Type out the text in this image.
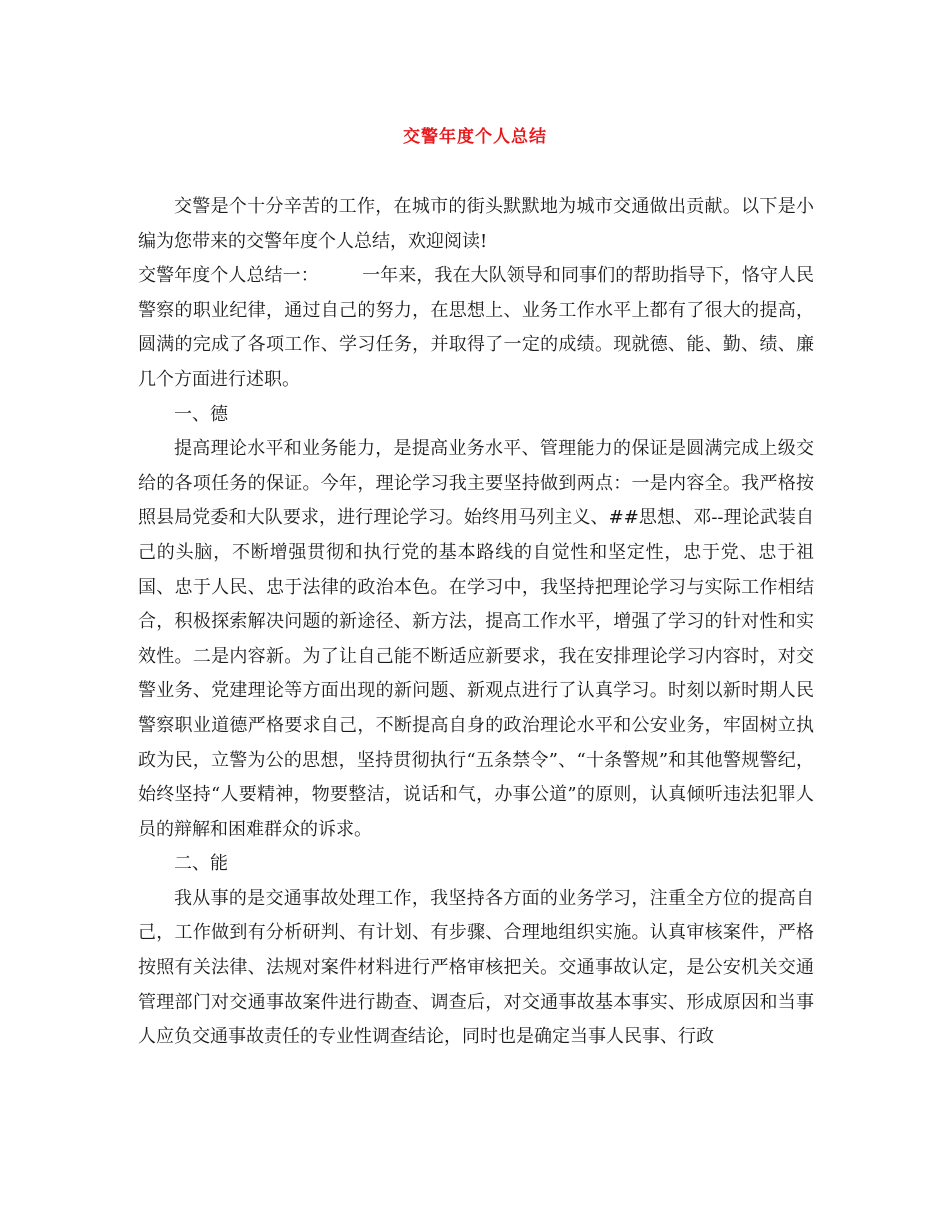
交警年度个人总结

交警是个十分辛苦的工作，在城市的街头默默地为城市交通做出贡献。以下是小编为您带来的交警年度个人总结，欢迎阅读!

交警年度个人总结一： 一年来，我在大队领导和同事们的帮助指导下，恪守人民警察的职业纪律，通过自己的努力，在思想上、业务工作水平上都有了很大的提高，圆满的完成了各项工作、学习任务，并取得了一定的成绩。现就德、能、勤、绩、廉几个方面进行述职。

一、德

提高理论水平和业务能力，是提高业务水平、管理能力的保证是圆满完成上级交给的各项任务的保证。今年，理论学习我主要坚持做到两点：一是内容全。我严格按照县局党委和大队要求，进行理论学习。始终用马列主义、##思想、邓--理论武装自己的头脑，不断增强贯彻和执行党的基本路线的自觉性和坚定性，忠于党、忠于祖国、忠于人民、忠于法律的政治本色。在学习中，我坚持把理论学习与实际工作相结合，积极探索解决问题的新途径、新方法，提高工作水平，增强了学习的针对性和实效性。二是内容新。为了让自己能不断适应新要求，我在安排理论学习内容时，对交警业务、党建理论等方面出现的新问题、新观点进行了认真学习。时刻以新时期人民警察职业道德严格要求自己，不断提高自身的政治理论水平和公安业务，牢固树立执政为民，立警为公的思想，坚持贯彻执行“五条禁令”、“十条警规”和其他警规警纪，始终坚持“人要精神，物要整洁，说话和气，办事公道”的原则，认真倾听违法犯罪人员的辩解和困难群众的诉求。

二、能

我从事的是交通事故处理工作，我坚持各方面的业务学习，注重全方位的提高自己，工作做到有分析研判、有计划、有步骤、合理地组织实施。认真审核案件，严格按照有关法律、法规对案件材料进行严格审核把关。交通事故认定，是公安机关交通管理部门对交通事故案件进行勘查、调查后，对交通事故基本事实、形成原因和当事人应负交通事故责任的专业性调查结论，同时也是确定当事人民事、行政
